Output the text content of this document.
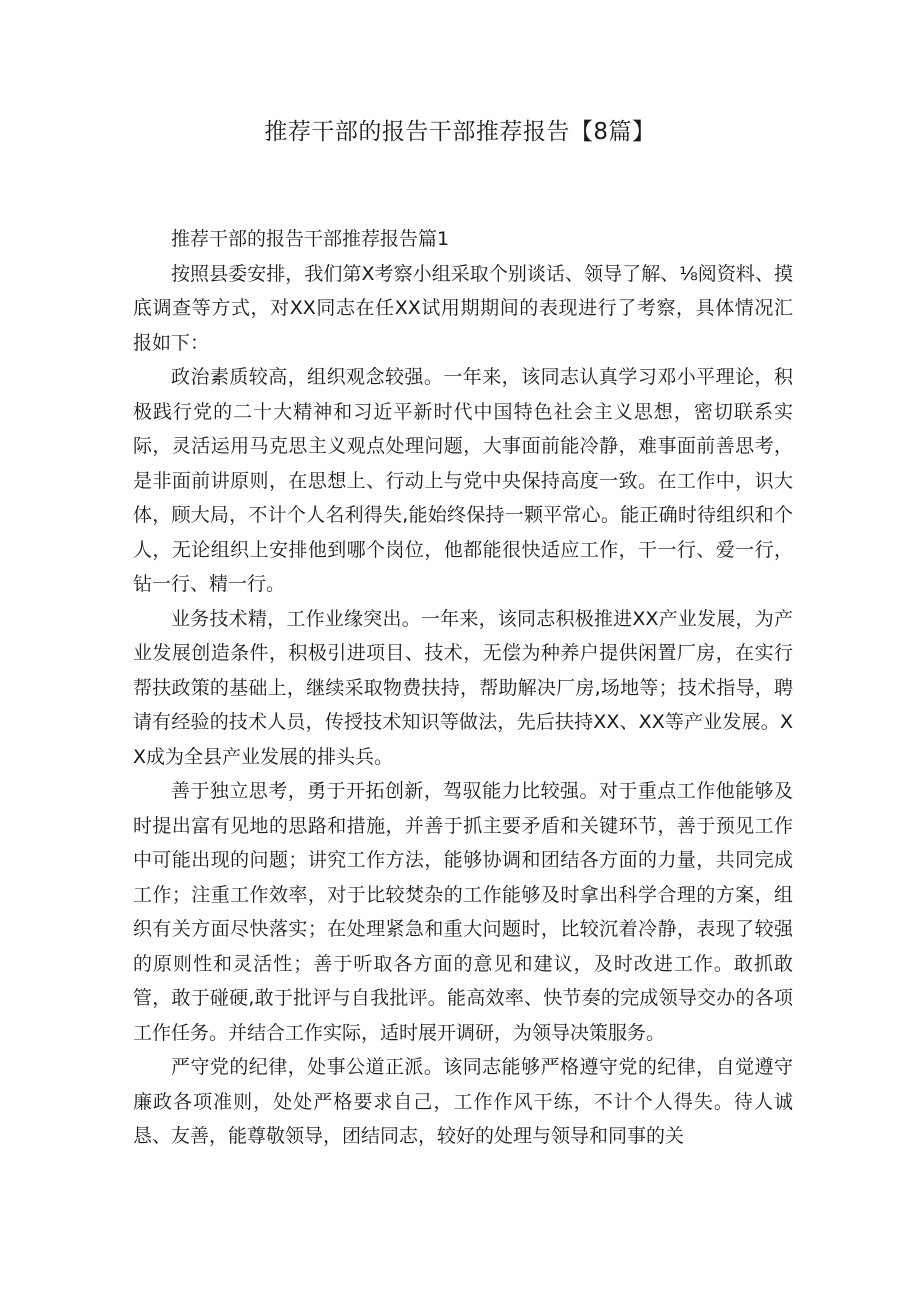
推荐干部的报告干部推荐报告【8篇】

推荐干部的报告干部推荐报告篇1

按照县委安排，我们第X考察小组采取个别谈话、领导了解、⅛阅资料、摸底调查等方式，对XX同志在任XX试用期期间的表现进行了考察，具体情况汇报如下：

政治素质较高，组织观念较强。一年来，该同志认真学习邓小平理论，积极践行党的二十大精神和习近平新时代中国特色社会主义思想，密切联系实际，灵活运用马克思主义观点处理问题，大事面前能冷静，难事面前善思考，是非面前讲原则，在思想上、行动上与党中央保持高度一致。在工作中，识大体，顾大局，不计个人名利得失,能始终保持一颗平常心。能正确时待组织和个人，无论组织上安排他到哪个岗位，他都能很快适应工作，干一行、爱一行，钻一行、精一行。

业务技术精，工作业缘突出。一年来，该同志积极推进XX产业发展，为产业发展创造条件，积极引进项目、技术，无偿为种养户提供闲置厂房，在实行帮扶政策的基础上，继续采取物费扶持，帮助解决厂房,场地等；技术指导，聘请有经验的技术人员，传授技术知识等做法，先后扶持XX、XX等产业发展。XX成为全县产业发展的排头兵。

善于独立思考，勇于开拓创新，驾驭能力比较强。对于重点工作他能够及时提出富有见地的思路和措施，并善于抓主要矛盾和关键环节，善于预见工作中可能出现的问题；讲究工作方法，能够协调和团结各方面的力量，共同完成工作；注重工作效率，对于比较焚杂的工作能够及时拿出科学合理的方案，组织有关方面尽快落实；在处理紧急和重大问题时，比较沉着冷静，表现了较强的原则性和灵活性；善于听取各方面的意见和建议，及时改进工作。敢抓敢管，敢于碰硬,敢于批评与自我批评。能高效率、快节奏的完成领导交办的各项工作任务。并结合工作实际，适时展开调研，为领导决策服务。

严守党的纪律，处事公道正派。该同志能够严格遵守党的纪律，自觉遵守廉政各项准则，处处严格要求自己，工作作风干练，不计个人得失。待人诚恳、友善，能尊敬领导，团结同志，较好的处理与领导和同事的关
